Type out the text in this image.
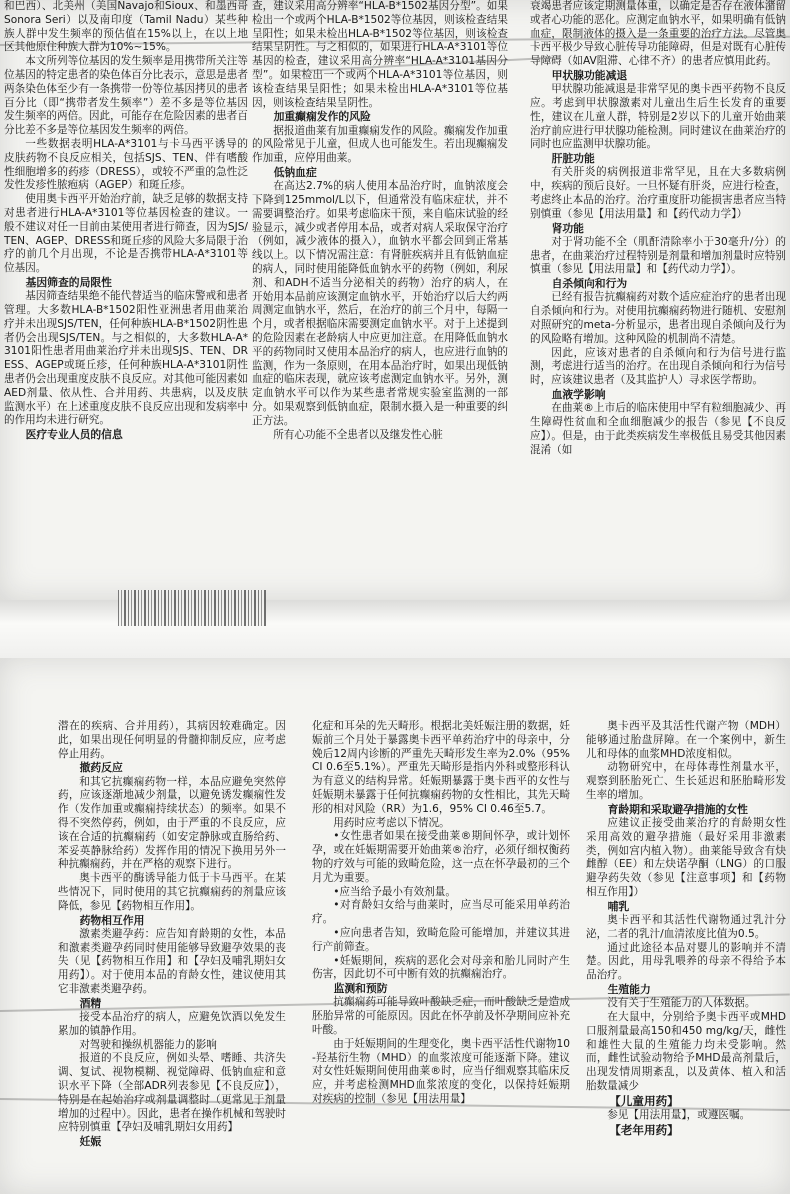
和巴西）、北美州（美国Navajo和Sioux、和墨西哥Sonora Seri）以及南印度（Tamil Nadu）某些种族人群中发生频率的预估值在15%以上，在以上地区其他原住种族人群为10%~15%。

本文所列等位基因的发生频率是用携带所关注等位基因的特定患者的染色体百分比表示，意思是患者两条染色体至少有一条携带一份等位基因拷贝的患者百分比（即“携带者发生频率”）差不多是等位基因发生频率的两倍。因此，可能存在危险因素的患者百分比差不多是等位基因发生频率的两倍。

一些数据表明HLA-A*3101与卡马西平诱导的皮肤药物不良反应相关，包括SJS、TEN、伴有嗜酸性细胞增多的药疹（DRESS），或较不严重的急性泛发性发疹性脓疱病（AGEP）和斑丘疹。

使用奥卡西平开始治疗前，缺乏足够的数据支持对患者进行HLA-A*3101等位基因检查的建议。一般不建议对任一目前由某使用者进行筛查，因为SJS/TEN、AGEP、DRESS和斑丘疹的风险大多局限于治疗的前几个月出现，不论是否携带HLA-A*3101等位基因。

基因筛查的局限性

基因筛查结果绝不能代替适当的临床警戒和患者管理。大多数HLA-B*1502阳性亚洲患者用曲莱治疗并未出现SJS/TEN，任何种族HLA-B*1502阴性患者仍会出现SJS/TEN。与之相似的，大多数HLA-A*3101阳性患者用曲莱治疗并未出现SJS、TEN、DRESS、AGEP或斑丘疹，任何种族HLA-A*3101阴性患者仍会出现重度皮肤不良反应。对其他可能因素如AED剂量、依从性、合并用药、共患病，以及皮肤监测水平）在上述重度皮肤不良反应出现和发病率中的作用均未进行研究。

医疗专业人员的信息

查，建议采用高分辨率“HLA-B*1502基因分型”。如果检出一个或两个HLA-B*1502等位基因，则该检查结果呈阳性；如果未检出HLA-B*1502等位基因，则该检查结果呈阴性。与之相似的，如果进行HLA-A*3101等位基因的检查，建议采用高分辨率“HLA-A*3101基因分型”。如果检出一个或两个HLA-A*3101等位基因，则该检查结果呈阳性；如果未检出HLA-A*3101等位基因，则该检查结果呈阴性。

加重癫痫发作的风险

据报道曲莱有加重癫痫发作的风险。癫痫发作加重的风险常见于儿童，但成人也可能发生。若出现癫痫发作加重，应停用曲莱。

低钠血症

在高达2.7%的病人使用本品治疗时，血钠浓度会下降到125mmol/L以下，但通常没有临床症状，并不需要调整治疗。如果考虑临床干预，来自临床试验的经验显示，减少或者停用本品，或者对病人采取保守治疗（例如，减少液体的摄入），血钠水平都会回到正常基线以上。以下情况需注意：有肾脏疾病并且有低钠血症的病人，同时使用能降低血钠水平的药物（例如，利尿剂、和ADH不适当分泌相关的药物）治疗的病人，在开始用本品前应该测定血钠水平，开始治疗以后大约两周测定血钠水平，然后，在治疗的前三个月中，每隔一个月，或者根据临床需要测定血钠水平。对于上述提到的危险因素在老龄病人中应更加注意。在用降低血钠水平的药物同时又使用本品治疗的病人，也应进行血钠的监测，作为一条原则，在用本品治疗时，如果出现低钠血症的临床表现，就应该考虑测定血钠水平。另外，测定血钠水平可以作为某些患者常规实验室监测的一部分。如果观察到低钠血症，限制水摄入是一种重要的纠正方法。

所有心功能不全患者以及继发性心脏

衰竭患者应该定期测量体重，以确定是否存在液体潴留或者心功能的恶化。应测定血钠水平，如果明确有低钠血症，限制液体的摄入是一条重要的治疗方法。尽管奥卡西平极少导致心脏传导功能障碍，但是对既有心脏传导障碍（如AV阻滞、心律不齐）的患者应慎用此药。

甲状腺功能减退

甲状腺功能减退是非常罕见的奥卡西平药物不良反应。考虑到甲状腺激素对儿童出生后生长发育的重要性，建议在儿童人群，特别是2岁以下的儿童开始曲莱治疗前应进行甲状腺功能检测。同时建议在曲莱治疗的同时也应监测甲状腺功能。

肝脏功能

有关肝炎的病例报道非常罕见，且在大多数病例中，疾病的预后良好。一旦怀疑有肝炎，应进行检查，考虑终止本品的治疗。治疗重度肝功能损害患者应当特别慎重（参见【用法用量】和【药代动力学】）

肾功能

对于肾功能不全（肌酐清除率小于30毫升/分）的患者，在曲莱治疗过程特别是剂量和增加剂量时应特别慎重（参见【用法用量】和【药代动力学】）。

自杀倾向和行为

已经有报告抗癫痫药对数个适应症治疗的患者出现自杀倾向和行为。对使用抗癫痫药物进行随机、安慰剂对照研究的meta-分析显示，患者出现自杀倾向及行为的风险略有增加。这种风险的机制尚不清楚。

因此，应该对患者的自杀倾向和行为信号进行监测，考虑进行适当的治疗。在出现自杀倾向和行为信号时，应该建议患者（及其监护人）寻求医学帮助。

血液学影响

在曲莱®上市后的临床使用中罕有粒细胞减少、再生障碍性贫血和全血细胞减少的报告（参见【不良反应】）。但是，由于此类疾病发生率极低且易受其他因素混淆（如

潜在的疾病、合并用药），其病因较难确定。因此，如果出现任何明显的骨髓抑制反应，应考虑停止用药。

撤药反应

和其它抗癫痫药物一样，本品应避免突然停药，应该逐渐地减少剂量，以避免诱发癫痫性发作（发作加重或癫痫持续状态）的频率。如果不得不突然停药，例如，由于严重的不良反应，应该在合适的抗癫痫药（如安定静脉或直肠给药、苯妥英静脉给药）发挥作用的情况下换用另外一种抗癫痫药，并在严格的观察下进行。

奥卡西平的酶诱导能力低于卡马西平。在某些情况下，同时使用的其它抗癫痫药的剂量应该降低，参见【药物相互作用】。

药物相互作用

激素类避孕药：应告知育龄期的女性，本品和激素类避孕药同时使用能够导致避孕效果的丧失（见【药物相互作用】和【孕妇及哺乳期妇女用药】）。对于使用本品的育龄女性，建议使用其它非激素类避孕药。

酒精

接受本品治疗的病人，应避免饮酒以免发生累加的镇静作用。

对驾驶和操纵机器能力的影响

报道的不良反应，例如头晕、嗜睡、共济失调、复试、视物模糊、视觉障碍、低钠血症和意识水平下降（全部ADR列表参见【不良反应】），特别是在起始治疗或剂量调整时（更常见于剂量增加的过程中）。因此，患者在操作机械和驾驶时应特别慎重【孕妇及哺乳期妇女用药】

妊娠

化症和耳朵的先天畸形。根据北美妊娠注册的数据，妊娠前三个月处于暴露奥卡西平单药治疗中的母亲中，分娩后12周内诊断的严重先天畸形发生率为2.0%（95% CI 0.6至5.1%）。严重先天畸形是指内外科或整形科认为有意义的结构异常。妊娠期暴露于奥卡西平的女性与妊娠期未暴露于任何抗癫痫药物的女性相比，其先天畸形的相对风险（RR）为1.6，95% CI 0.46至5.7。

用药时应考虑以下情况。

•女性患者如果在接受曲莱®期间怀孕，或计划怀孕，或在妊娠期需要开始曲莱®治疗，必须仔细权衡药物的疗效与可能的致畸危险，这一点在怀孕最初的三个月尤为重要。

•应当给予最小有效剂量。

•对育龄妇女给与曲莱时，应当尽可能采用单药治疗。

•应向患者告知，致畸危险可能增加，并建议其进行产前筛查。

•妊娠期间，疾病的恶化会对母亲和胎儿同时产生伤害，因此切不可中断有效的抗癫痫治疗。

监测和预防

抗癫痫药可能导致叶酸缺乏症，而叶酸缺乏是造成胚胎异常的可能原因。因此在怀孕前及怀孕期间应补充叶酸。

由于妊娠期间的生理变化，奥卡西平活性代谢物10-羟基衍生物（MHD）的血浆浓度可能逐渐下降。建议对女性妊娠期间使用曲莱®时，应当仔细观察其临床反应，并考虑检测MHD血浆浓度的变化，以保持妊娠期对疾病的控制（参见【用法用量】

奥卡西平及其活性代谢产物（MDH）能够通过胎盘屏障。在一个案例中，新生儿和母体的血浆MHD浓度相似。

动物研究中，在母体毒性剂量水平，观察到胚胎死亡、生长延迟和胚胎畸形发生率的增加。

育龄期和采取避孕措施的女性

应建议正接受曲莱治疗的育龄期女性采用高效的避孕措施（最好采用非激素类，例如宫内植入物）。曲莱能导致含有炔雌醇（EE）和左炔诺孕酮（LNG）的口服避孕药失效（参见【注意事项】和【药物相互作用】）

哺乳

奥卡西平和其活性代谢物通过乳汁分泌，二者的乳汁/血清浓度比值为0.5。

通过此途径本品对婴儿的影响并不清楚。因此，用母乳喂养的母亲不得给予本品治疗。

生殖能力

没有关于生殖能力的人体数据。

在大鼠中，分别给予奥卡西平或MHD口服剂量最高150和450 mg/kg/天，雌性和雄性大鼠的生殖能力均未受影响。然而，雌性试验动物给予MHD最高剂量后，出现发情周期紊乱，以及黄体、植入和活胎数量减少

【儿童用药】

参见【用法用量】，或遵医嘱。

【老年用药】
